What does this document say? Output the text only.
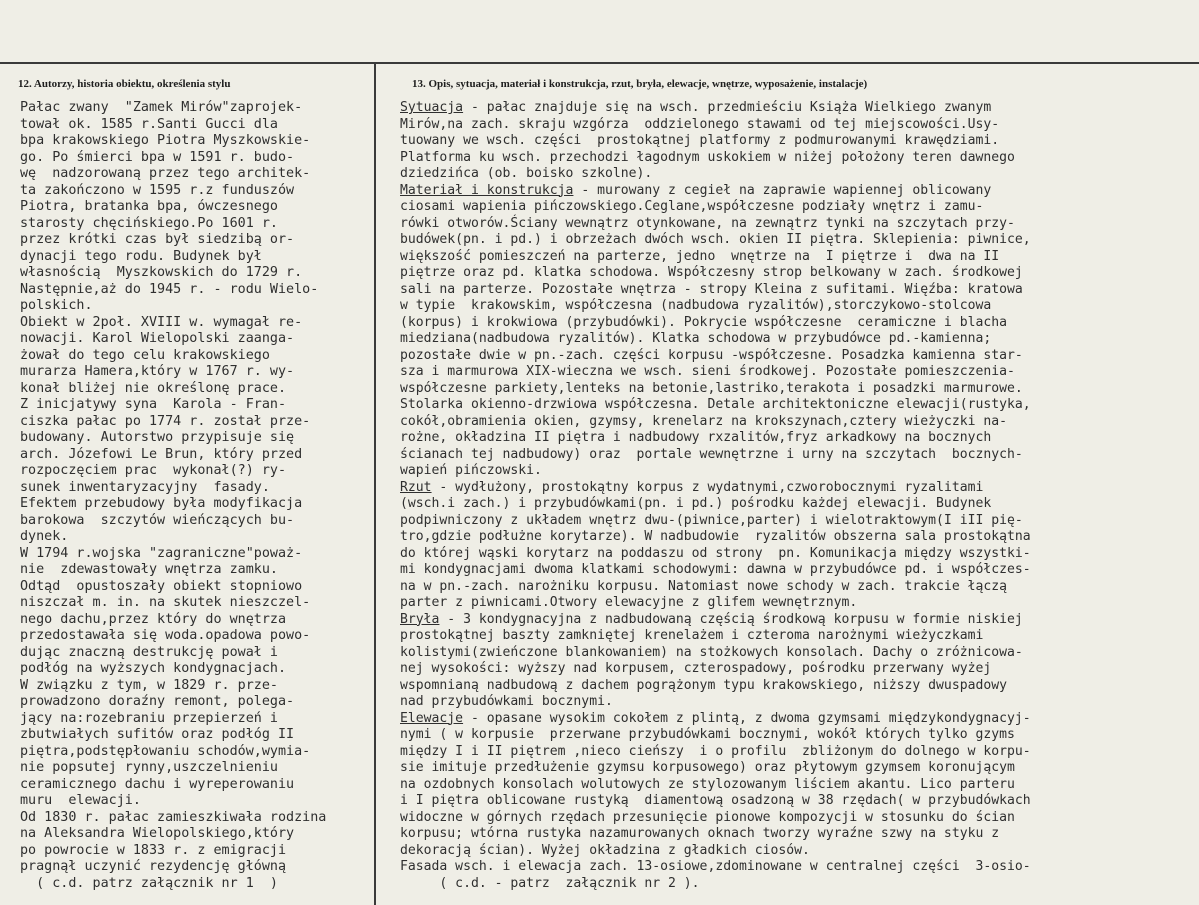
12. Autorzy, historia obiektu, określenia stylu	13. Opis, sytuacja, materiał i konstrukcja, rzut, bryła, elewacje, wnętrze, wyposażenie, instalacje)
Pałac zwany  "Zamek Mirów"zaprojek-
tował ok. 1585 r.Santi Gucci dla
bpa krakowskiego Piotra Myszkowskie-
go. Po śmierci bpa w 1591 r. budo-
wę  nadzorowaną przez tego architek-
ta zakończono w 1595 r.z funduszów
Piotra, bratanka bpa, ówczesnego
starosty chęcińskiego.Po 1601 r.
przez krótki czas był siedzibą or-
dynacji tego rodu. Budynek był
własnością  Myszkowskich do 1729 r.
Następnie,aż do 1945 r. - rodu Wielo-
polskich.
Obiekt w 2poł. XVIII w. wymagał re-
nowacji. Karol Wielopolski zaanga-
żował do tego celu krakowskiego
murarza Hamera,który w 1767 r. wy-
konał bliżej nie określonę prace.
Z inicjatywy syna  Karola - Fran-
ciszka pałac po 1774 r. został prze-
budowany. Autorstwo przypisuje się
arch. Józefowi Le Brun, który przed
rozpoczęciem prac  wykonał(?) ry-
sunek inwentaryzacyjny  fasady.
Efektem przebudowy była modyfikacja
barokowa  szczytów wieńczących bu-
dynek.
W 1794 r.wojska "zagraniczne"poważ-
nie  zdewastowały wnętrza zamku.
Odtąd  opustoszały obiekt stopniowo
niszczał m. in. na skutek nieszczel-
nego dachu,przez który do wnętrza
przedostawała się woda.opadowa powo-
dując znaczną destrukcję pował i
podłóg na wyższych kondygnacjach.
W związku z tym, w 1829 r. prze-
prowadzono doraźny remont, polega-
jący na:rozebraniu przepierzeń i
zbutwiałych sufitów oraz podłóg II
piętra,podstępłowaniu schodów,wymia-
nie popsutej rynny,uszczelnieniu
ceramicznego dachu i wyreperowaniu
muru  elewacji.
Od 1830 r. pałac zamieszkiwała rodzina
na Aleksandra Wielopolskiego,który
po powrocie w 1833 r. z emigracji
pragnął uczynić rezydencję główną
( c.d. patrz załącznik nr 1  )
Sytuacja - pałac znajduje się na wsch. przedmieściu Książa Wielkiego zwanym
Mirów,na zach. skraju wzgórza  oddzielonego stawami od tej miejscowości.Usy-
tuowany we wsch. części  prostokątnej platformy z podmurowanymi krawędziami.
Platforma ku wsch. przechodzi łagodnym uskokiem w niżej położony teren dawnego
dziedzińca (ob. boisko szkolne).
Materiał i konstrukcja - murowany z cegieł na zaprawie wapiennej oblicowany
ciosami wapienia pińczowskiego.Ceglane,współczesne podziały wnętrz i zamu-
rówki otworów.Ściany wewnątrz otynkowane, na zewnątrz tynki na szczytach przy-
budówek(pn. i pd.) i obrzeżach dwóch wsch. okien II piętra. Sklepienia: piwnice,
większość pomieszczeń na parterze, jedno  wnętrze na  I piętrze i  dwa na II
piętrze oraz pd. klatka schodowa. Współczesny strop belkowany w zach. środkowej
sali na parterze. Pozostałe wnętrza - stropy Kleina z sufitami. Więźba: kratowa
w typie  krakowskim, współczesna (nadbudowa ryzalitów),storczykowo-stolcowa
(korpus) i krokwiowa (przybudówki). Pokrycie współczesne  ceramiczne i blacha
miedziana(nadbudowa ryzalitów). Klatka schodowa w przybudówce pd.-kamienna;
pozostałe dwie w pn.-zach. części korpusu -współczesne. Posadzka kamienna star-
sza i marmurowa XIX-wieczna we wsch. sieni środkowej. Pozostałe pomieszczenia-
współczesne parkiety,lenteks na betonie,lastriko,terakota i posadzki marmurowe.
Stolarka okienno-drzwiowa współczesna. Detale architektoniczne elewacji(rustyka,
cokół,obramienia okien, gzymsy, krenelarz na krokszynach,cztery wieżyczki na-
rożne, okładzina II piętra i nadbudowy rxzalitów,fryz arkadkowy na bocznych
ścianach tej nadbudowy) oraz  portale wewnętrzne i urny na szczytach  bocznych-
wapień pińczowski.
Rzut - wydłużony, prostokątny korpus z wydatnymi,czworobocznymi ryzalitami
(wsch.i zach.) i przybudówkami(pn. i pd.) pośrodku każdej elewacji. Budynek
podpiwniczony z układem wnętrz dwu-(piwnice,parter) i wielotraktowym(I iII pię-
tro,gdzie podłużne korytarze). W nadbudowie  ryzalitów obszerna sala prostokątna
do której wąski korytarz na poddaszu od strony  pn. Komunikacja między wszystki-
mi kondygnacjami dwoma klatkami schodowymi: dawna w przybudówce pd. i współczes-
na w pn.-zach. narożniku korpusu. Natomiast nowe schody w zach. trakcie łączą
parter z piwnicami.Otwory elewacyjne z glifem wewnętrznym.
Bryła - 3 kondygnacyjna z nadbudowaną częścią środkową korpusu w formie niskiej
prostokątnej baszty zamkniętej krenelażem i czteroma narożnymi wieżyczkami
kolistymi(zwieńczone blankowaniem) na stożkowych konsolach. Dachy o zróżnicowa-
nej wysokości: wyższy nad korpusem, czterospadowy, pośrodku przerwany wyżej
wspomnianą nadbudową z dachem pogrążonym typu krakowskiego, niższy dwuspadowy
nad przybudówkami bocznymi.
Elewacje - opasane wysokim cokołem z plintą, z dwoma gzymsami międzykondygnacyj-
nymi ( w korpusie  przerwane przybudówkami bocznymi, wokół których tylko gzyms
między I i II piętrem ,nieco cieńszy  i o profilu  zbliżonym do dolnego w korpu-
sie imituje przedłużenie gzymsu korpusowego) oraz płytowym gzymsem koronującym
na ozdobnych konsolach wolutowych ze stylozowanym liściem akantu. Lico parteru
i I piętra oblicowane rustyką  diamentową osadzoną w 38 rzędach( w przybudówkach
widoczne w górnych rzędach przesunięcie pionowe kompozycji w stosunku do ścian
korpusu; wtórna rustyka nazamurowanych oknach tworzy wyraźne szwy na styku z
dekoracją ścian). Wyżej okładzina z gładkich ciosów.
Fasada wsch. i elewacja zach. 13-osiowe,zdominowane w centralnej części  3-osio-
( c.d. - patrz  załącznik nr 2 ).
